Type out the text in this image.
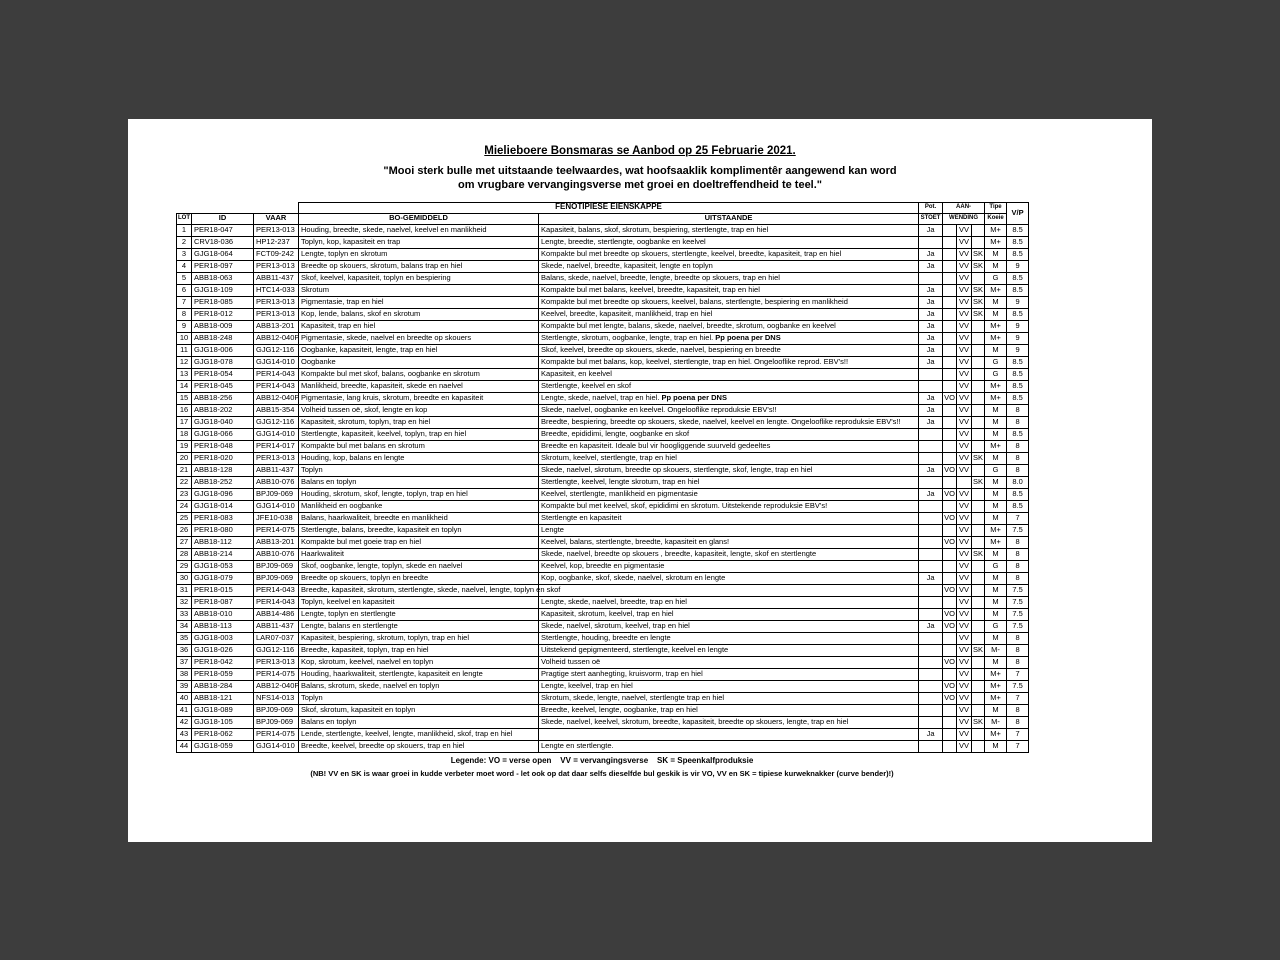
Mielieboere Bonsmaras se Aanbod op 25 Februarie 2021.
"Mooi sterk bulle met uitstaande teelwaardes, wat hoofsaaklik komplimentêr aangewend kan word
om vrugbare vervangingsverse met groei en doeltreffendheid te teel."
			FENOTIPIESE EIENSKAPPE		Pot.	AAN-			Tipe	V/P
LOT	ID	VAAR	BO-GEMIDDELD	UITSTAANDE	STOET	WENDING			Koeie	
1	PER18-047	PER13-013	Houding, breedte, skede, naelvel, keelvel en manlikheid	Kapasiteit, balans, skof, skrotum, bespiering, stertlengte, trap en hiel	Ja		VV		M+	8.5
2	CRV18-036	HP12-237	Toplyn, kop, kapasiteit en trap	Lengte, breedte, stertlengte, oogbanke en keelvel			VV		M+	8.5
3	GJG18-064	FCT09-242	Lengte, toplyn en skrotum	Kompakte bul met breedte op skouers, stertlengte, keelvel, breedte, kapasiteit, trap en hiel	Ja		VV	SK	M	8.5
4	PER18-097	PER13-013	Breedte op skouers, skrotum, balans trap en hiel	Skede, naelvel, breedte, kapasiteit, lengte en toplyn	Ja		VV	SK	M	9
5	ABB18-063	ABB11-437	Skof, keelvel, kapasiteit, toplyn en bespiering	Balans, skede, naelvel, breedte, lengte, breedte op skouers, trap en hiel			VV		G	8.5
6	GJG18-109	HTC14-033	Skrotum	Kompakte bul met balans, keelvel, breedte, kapasiteit, trap en hiel	Ja		VV	SK	M+	8.5
7	PER18-085	PER13-013	Pigmentasie, trap en hiel	Kompakte bul met breedte op skouers, keelvel, balans, stertlengte, bespiering en manlikheid	Ja		VV	SK	M	9
8	PER18-012	PER13-013	Kop, lende, balans, skof en skrotum	Keelvel, breedte, kapasiteit, manlikheid, trap en hiel	Ja		VV	SK	M	8.5
9	ABB18-009	ABB13-201	Kapasiteit, trap en hiel	Kompakte bul met lengte, balans, skede, naelvel, breedte, skrotum, oogbanke en keelvel	Ja		VV		M+	9
10	ABB18-248	ABB12-040P	Pigmentasie, skede, naelvel en breedte op skouers	Stertlengte, skrotum, oogbanke, lengte, trap en hiel. Pp poena per DNS	Ja		VV		M+	9
11	GJG18-006	GJG12-116	Oogbanke, kapasiteit, lengte, trap en hiel	Skof, keelvel, breedte op skouers, skede, naelvel, bespiering en breedte	Ja		VV		M	9
12	GJG18-078	GJG14-010	Oogbanke	Kompakte bul met balans, kop, keelvel, stertlengte, trap en hiel. Ongelooflike reprod. EBV's!!	Ja		VV		G	8.5
13	PER18-054	PER14-043	Kompakte bul met skof, balans, oogbanke en skrotum	Kapasiteit, en keelvel			VV		G	8.5
14	PER18-045	PER14-043	Manlikheid, breedte, kapasiteit, skede en naelvel	Stertlengte, keelvel en skof			VV		M+	8.5
15	ABB18-256	ABB12-040P	Pigmentasie, lang kruis, skrotum, breedte en kapasiteit	Lengte, skede, naelvel, trap en hiel. Pp poena per DNS	Ja	VO	VV		M+	8.5
16	ABB18-202	ABB15-354	Volheid tussen oë, skof, lengte en kop	Skede, naelvel, oogbanke en keelvel. Ongelooflike reproduksie EBV's!!	Ja		VV		M	8
17	GJG18-040	GJG12-116	Kapasiteit, skrotum, toplyn, trap en hiel	Breedte, bespiering, breedte op skouers, skede, naelvel, keelvel en lengte. Ongelooflike reproduksie EBV's!!	Ja		VV		M	8
18	GJG18-066	GJG14-010	Stertlengte, kapasiteit, keelvel, toplyn, trap en hiel	Breedte, epididimi, lengte, oogbanke en skof			VV		M	8.5
19	PER18-048	PER14-017	Kompakte bul met balans en skrotum	Breedte en kapasiteit. Ideale bul vir hoogliggende suurveld gedeeltes			VV		M+	8
20	PER18-020	PER13-013	Houding, kop, balans en lengte	Skrotum, keelvel, stertlengte, trap en hiel			VV	SK	M	8
21	ABB18-128	ABB11-437	Toplyn	Skede, naelvel, skrotum, breedte op skouers, stertlengte, skof, lengte, trap en hiel	Ja	VO	VV		G	8
22	ABB18-252	ABB10-076	Balans en toplyn	Stertlengte, keelvel, lengte skrotum, trap en hiel				SK	M	8.0
23	GJG18-096	BPJ09-069	Houding, skrotum, skof, lengte, toplyn, trap en hiel	Keelvel, stertlengte, manlikheid en pigmentasie	Ja	VO	VV		M	8.5
24	GJG18-014	GJG14-010	Manlikheid en oogbanke	Kompakte bul met keelvel, skof, epididimi en skrotum. Uitstekende reproduksie EBV's!			VV		M	8.5
25	PER18-083	JFE10-038	Balans, haarkwaliteit, breedte en manlikheid	Stertlengte en kapasiteit		VO	VV		M	7
26	PER18-080	PER14-075	Stertlengte, balans, breedte, kapasiteit en toplyn	Lengte			VV		M+	7.5
27	ABB18-112	ABB13-201	Kompakte bul met goeie trap en hiel	Keelvel, balans, stertlengte, breedte, kapasiteit en glans!		VO	VV		M+	8
28	ABB18-214	ABB10-076	Haarkwaliteit	Skede, naelvel, breedte op skouers , breedte, kapasiteit, lengte, skof en stertlengte			VV	SK	M	8
29	GJG18-053	BPJ09-069	Skof, oogbanke, lengte, toplyn, skede en naelvel	Keelvel, kop, breedte en pigmentasie			VV		G	8
30	GJG18-079	BPJ09-069	Breedte op skouers, toplyn en breedte	Kop, oogbanke, skof, skede, naelvel, skrotum en lengte	Ja		VV		M	8
31	PER18-015	PER14-043	Breedte, kapasiteit, skrotum, stertlengte, skede, naelvel, lengte, toplyn en skof			VO	VV		M	7.5
32	PER18-087	PER14-043	Toplyn, keelvel en kapasiteit	Lengte, skede, naelvel, breedte, trap en hiel			VV		M	7.5
33	ABB18-010	ABB14-486	Lengte, toplyn en stertlengte	Kapasiteit, skrotum, keelvel, trap en hiel		VO	VV		M	7.5
34	ABB18-113	ABB11-437	Lengte, balans en stertlengte	Skede, naelvel, skrotum, keelvel, trap en hiel	Ja	VO	VV		G	7.5
35	GJG18-003	LAR07-037	Kapasiteit, bespiering, skrotum, toplyn, trap en hiel	Stertlengte, houding, breedte en lengte			VV		M	8
36	GJG18-026	GJG12-116	Breedte, kapasiteit, toplyn, trap en hiel	Uitstekend gepigmenteerd, stertlengte, keelvel en lengte			VV	SK	M-	8
37	PER18-042	PER13-013	Kop, skrotum, keelvel, naelvel en toplyn	Volheid tussen oë		VO	VV		M	8
38	PER18-059	PER14-075	Houding, haarkwaliteit, stertlengte, kapasiteit en lengte	Pragtige stert aanhegting, kruisvorm, trap en hiel			VV		M+	7
39	ABB18-284	ABB12-040P	Balans, skrotum, skede, naelvel en toplyn	Lengte, keelvel, trap en hiel		VO	VV		M+	7.5
40	ABB18-121	NFS14-013	Toplyn	Skrotum, skede, lengte, naelvel, stertlengte trap en hiel		VO	VV		M+	7
41	GJG18-089	BPJ09-069	Skof, skrotum, kapasiteit en toplyn	Breedte, keelvel, lengte, oogbanke, trap en hiel			VV		M	8
42	GJG18-105	BPJ09-069	Balans en toplyn	Skede, naelvel, keelvel, skrotum, breedte, kapasiteit, breedte op skouers, lengte, trap en hiel			VV	SK	M-	8
43	PER18-062	PER14-075	Lende, stertlengte, keelvel, lengte, manlikheid, skof, trap en hiel		Ja		VV		M+	7
44	GJG18-059	GJG14-010	Breedte, keelvel, breedte op skouers, trap en hiel	Lengte en stertlengte.			VV		M	7
Legende: VO = verse open    VV = vervangingsverse    SK = Speenkalfproduksie
(NB! VV en SK is waar groei in kudde verbeter moet word - let ook op dat daar selfs dieselfde bul geskik is vir VO, VV en SK = tipiese kurweknakker (curve bender)!)
